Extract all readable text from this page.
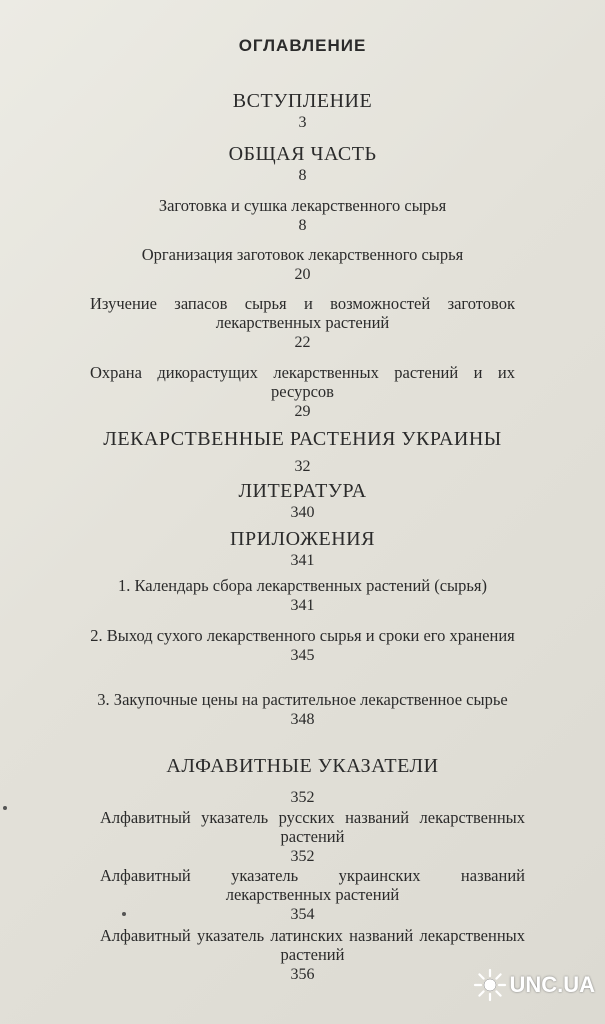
ОГЛАВЛЕНИЕ
ВСТУПЛЕНИЕ
3
ОБЩАЯ ЧАСТЬ
8
Заготовка и сушка лекарственного сырья
8
Организация заготовок лекарственного сырья
20
Изучение запасов сырья и возможностей заготовок лекарственных растений
22
Охрана дикорастущих лекарственных растений и их ресурсов
29
ЛЕКАРСТВЕННЫЕ РАСТЕНИЯ УКРАИНЫ
32
ЛИТЕРАТУРА
340
ПРИЛОЖЕНИЯ
341
1. Календарь сбора лекарственных растений (сырья)
341
2. Выход сухого лекарственного сырья и сроки его хранения
345
3. Закупочные цены на растительное лекарственное сырье
348
АЛФАВИТНЫЕ УКАЗАТЕЛИ
352
Алфавитный указатель русских названий лекарственных растений
352
Алфавитный указатель украинских названий лекарственных растений
354
Алфавитный указатель латинских названий лекарственных растений
356	UNC.UA
